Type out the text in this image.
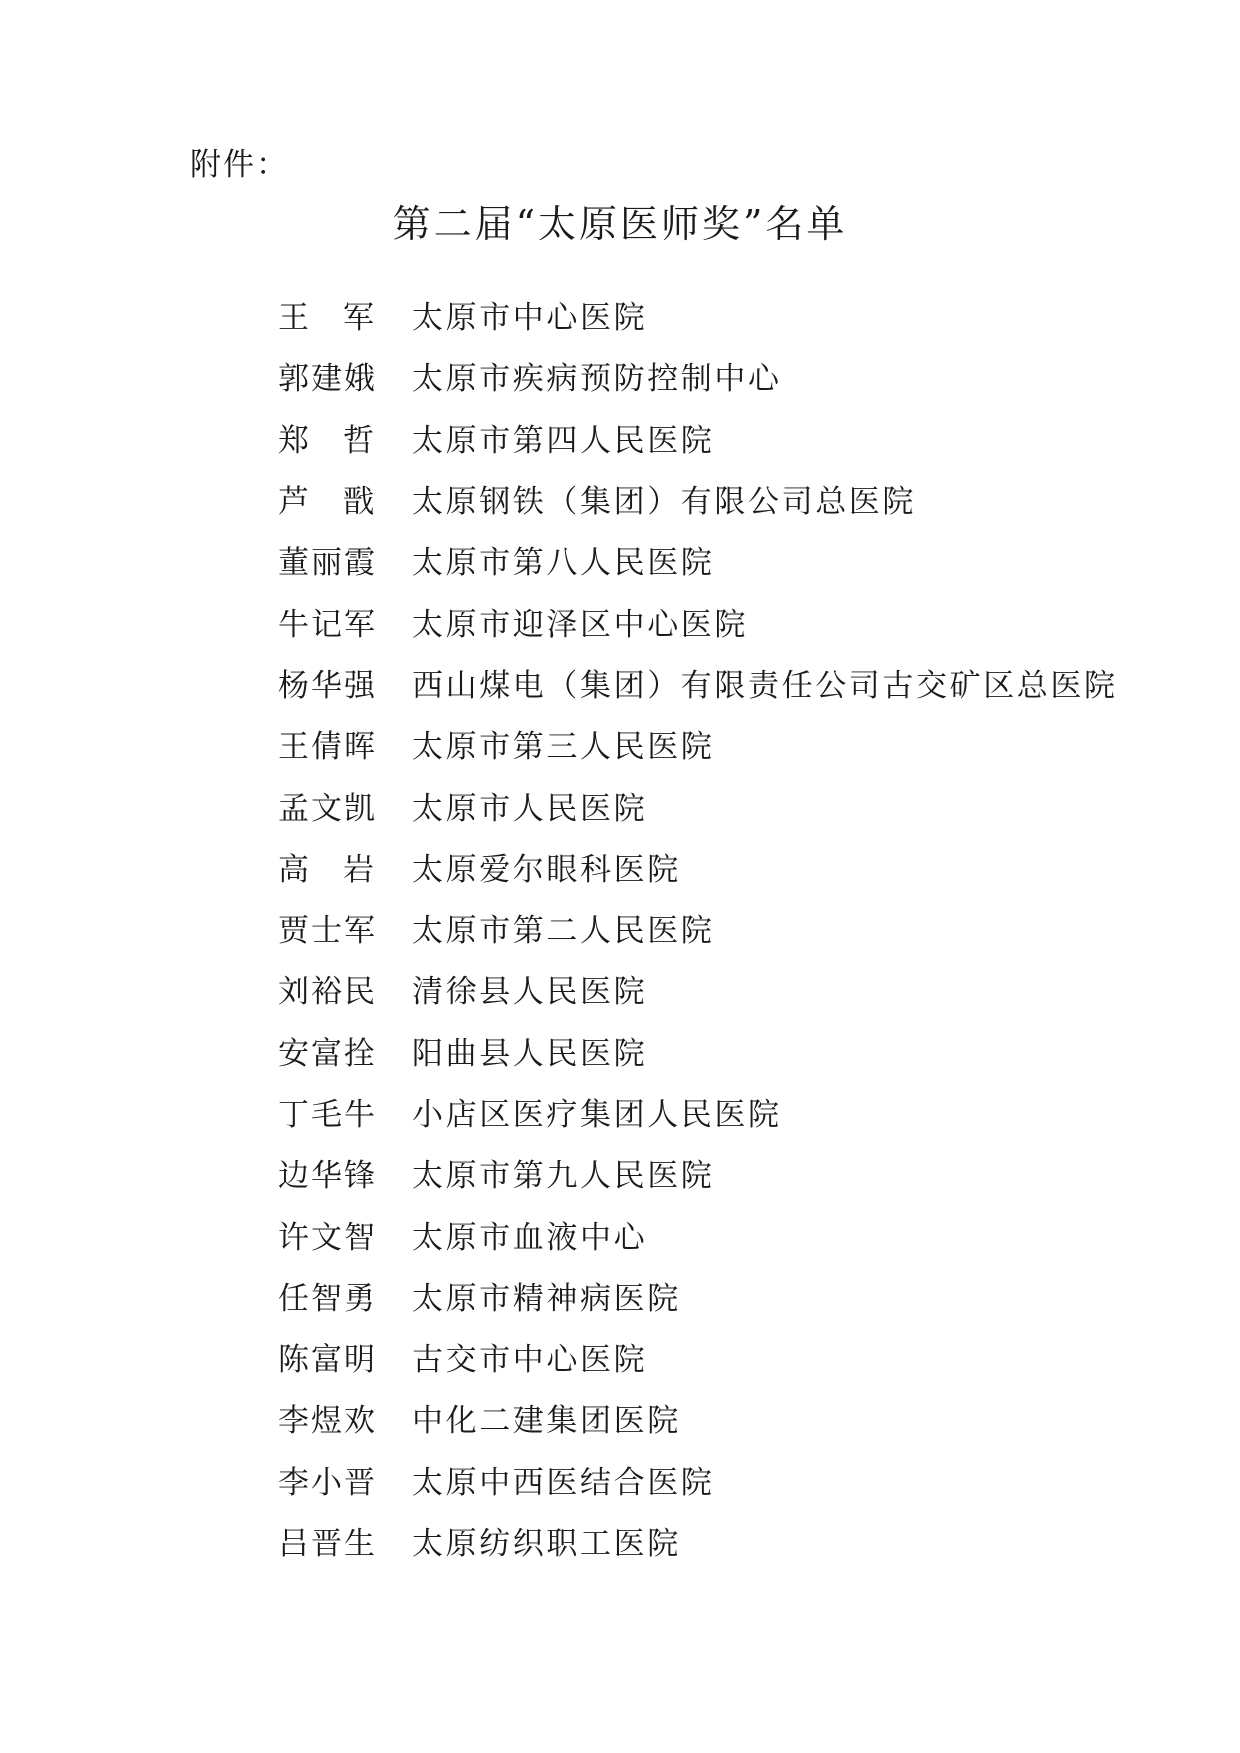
附件：
第二届“太原医师奖”名单
王 军 太原市中心医院
郭建娥	太原市疾病预防控制中心
郑 哲 太原市第四人民医院
芦 戬 太原钢铁（集团）有限公司总医院
董丽霞	太原市第八人民医院
牛记军	太原市迎泽区中心医院
杨华强	西山煤电（集团）有限责任公司古交矿区总医院
王倩晖	太原市第三人民医院
孟文凯	太原市人民医院
高 岩 太原爱尔眼科医院
贾士军	太原市第二人民医院
刘裕民	清徐县人民医院
安富拴	阳曲县人民医院
丁毛牛	小店区医疗集团人民医院
边华锋	太原市第九人民医院
许文智	太原市血液中心
任智勇	太原市精神病医院
陈富明	古交市中心医院
李煜欢	中化二建集团医院
李小晋	太原中西医结合医院
吕晋生	太原纺织职工医院
